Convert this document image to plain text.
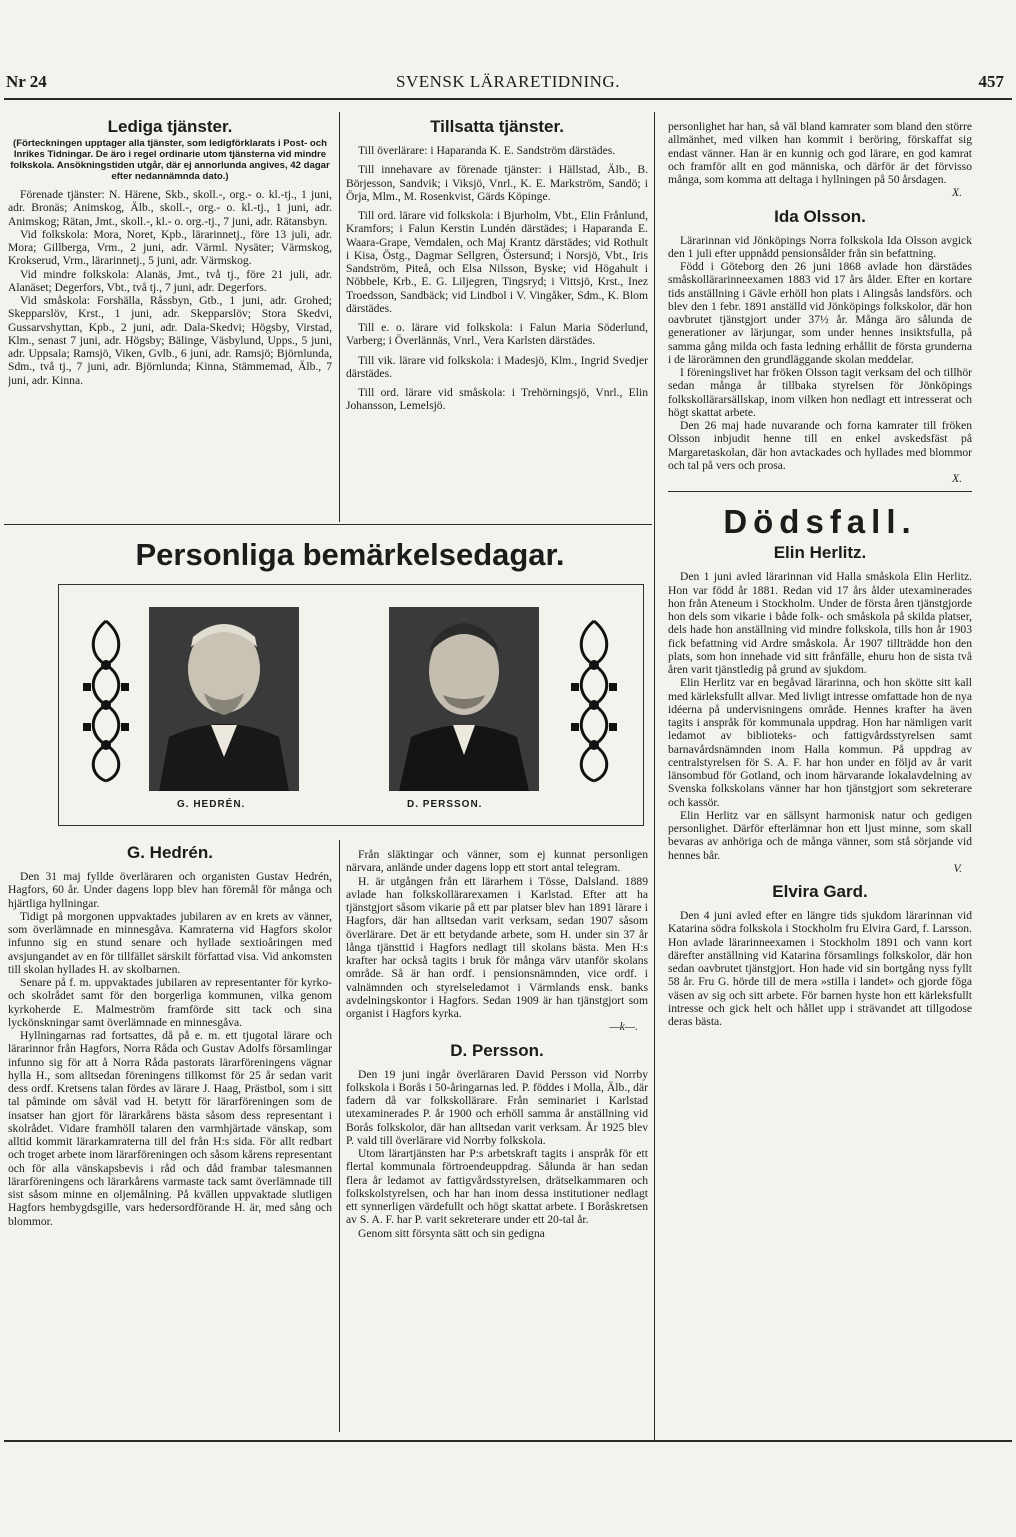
SVENSK LÄRARETIDNING.
Nr 24	457
Lediga tjänster.
(Förteckningen upptager alla tjänster, som ledigförklarats i Post- och Inrikes Tidningar. De äro i regel ordinarie utom tjänsterna vid mindre folkskola. Ansökningstiden utgår, där ej annorlunda angives, 42 dagar efter nedannämnda dato.)

Förenade tjänster: N. Härene, Skb., skoll.-, org.- o. kl.-tj., 1 juni, adr. Bronäs; Animskog, Älb., skoll.-, org.- o. kl.-tj., 1 juni, adr. Animskog; Rätan, Jmt., skoll.-, kl.- o. org.-tj., 7 juni, adr. Rätansbyn.

Vid folkskola: Mora, Noret, Kpb., lärarinnetj., före 13 juli, adr. Mora; Gillberga, Vrm., 2 juni, adr. Värml. Nysäter; Värmskog, Krokserud, Vrm., lärarinnetj., 5 juni, adr. Värmskog.

Vid mindre folkskola: Alanäs, Jmt., två tj., före 21 juli, adr. Alanäset; Degerfors, Vbt., två tj., 7 juni, adr. Degerfors.

Vid småskola: Forshälla, Råssbyn, Gtb., 1 juni, adr. Grohed; Skepparslöv, Krst., 1 juni, adr. Skepparslöv; Stora Skedvi, Gussarvshyttan, Kpb., 2 juni, adr. Dala-Skedvi; Högsby, Virstad, Klm., senast 7 juni, adr. Högsby; Bälinge, Väsbylund, Upps., 5 juni, adr. Uppsala; Ramsjö, Viken, Gvlb., 6 juni, adr. Ramsjö; Björnlunda, Sdm., två tj., 7 juni, adr. Björnlunda; Kinna, Stämmemad, Älb., 7 juni, adr. Kinna.

Tillsatta tjänster.

Till överlärare: i Haparanda K. E. Sandström därstädes.

Till innehavare av förenade tjänster: i Hällstad, Älb., B. Börjesson, Sandvik; i Viksjö, Vnrl., K. E. Markström, Sandö; i Örja, Mlm., M. Rosenkvist, Gärds Köpinge.

Till ord. lärare vid folkskola: i Bjurholm, Vbt., Elin Frånlund, Kramfors; i Falun Kerstin Lundén därstädes; i Haparanda E. Waara-Grape, Vemdalen, och Maj Krantz därstädes; vid Rothult i Kisa, Östg., Dagmar Sellgren, Östersund; i Norsjö, Vbt., Iris Sandström, Piteå, och Elsa Nilsson, Byske; vid Högahult i Nöbbele, Krb., E. G. Liljegren, Tingsryd; i Vittsjö, Krst., Inez Troedsson, Sandbäck; vid Lindbol i V. Vingåker, Sdm., K. Blom därstädes.

Till e. o. lärare vid folkskola: i Falun Maria Söderlund, Varberg; i Överlännäs, Vnrl., Vera Karlsten därstädes.

Till vik. lärare vid folkskola: i Madesjö, Klm., Ingrid Svedjer därstädes.

Till ord. lärare vid småskola: i Trehörningsjö, Vnrl., Elin Johansson, Lemelsjö.

Personliga bemärkelsedagar.
G. HEDRÉN.	D. PERSSON.
G. Hedrén.

Den 31 maj fyllde överläraren och organisten Gustav Hedrén, Hagfors, 60 år. Under dagens lopp blev han föremål för många och hjärtliga hyllningar.

Tidigt på morgonen uppvaktades jubilaren av en krets av vänner, som överlämnade en minnesgåva. Kamraterna vid Hagfors skolor infunno sig en stund senare och hyllade sextioåringen med avsjungandet av en för tillfället särskilt författad visa. Vid ankomsten till skolan hyllades H. av skolbarnen.

Senare på f. m. uppvaktades jubilaren av representanter för kyrko- och skolrådet samt för den borgerliga kommunen, vilka genom kyrkoherde E. Malmeström framförde sitt tack och sina lyckönskningar samt överlämnade en minnesgåva.

Hyllningarnas rad fortsattes, då på e. m. ett tjugotal lärare och lärarinnor från Hagfors, Norra Råda och Gustav Adolfs församlingar infunno sig för att å Norra Råda pastorats lärarföreningens vägnar hylla H., som alltsedan föreningens tillkomst för 25 år sedan varit dess ordf. Kretsens talan fördes av lärare J. Haag, Prästbol, som i sitt tal påminde om såväl vad H. betytt för lärarföreningen som de insatser han gjort för lärarkårens bästa såsom dess representant i skolrådet. Vidare framhöll talaren den varmhjärtade vänskap, som alltid kommit lärarkamraterna till del från H:s sida. För allt redbart och troget arbete inom lärarföreningen och såsom kårens representant och för alla vänskapsbevis i råd och dåd frambar talesmannen lärarföreningens och lärarkårens varmaste tack samt överlämnade till sist såsom minne en oljemålning. På kvällen uppvaktade slutligen Hagfors hembygdsgille, vars hedersordförande H. är, med sång och blommor.

Från släktingar och vänner, som ej kunnat personligen närvara, anlände under dagens lopp ett stort antal telegram.

H. är utgången från ett lärarhem i Tösse, Dalsland. 1889 avlade han folkskollärarexamen i Karlstad. Efter att ha tjänstgjort såsom vikarie på ett par platser blev han 1891 lärare i Hagfors, där han alltsedan varit verksam, sedan 1907 såsom överlärare. Det är ett betydande arbete, som H. under sin 37 år långa tjänsttid i Hagfors nedlagt till skolans bästa. Men H:s krafter har också tagits i bruk för många värv utanför skolans område. Så är han ordf. i pensionsnämnden, vice ordf. i valnämnden och styrelseledamot i Värmlands ensk. banks avdelningskontor i Hagfors. Sedan 1909 är han tjänstgjort som organist i Hagfors kyrka.

—k—.

D. Persson.

Den 19 juni ingår överläraren David Persson vid Norrby folkskola i Borås i 50-åringarnas led. P. föddes i Molla, Älb., där fadern då var folkskollärare. Från seminariet i Karlstad utexaminerades P. år 1900 och erhöll samma år anställning vid Borås folkskolor, där han alltsedan varit verksam. År 1925 blev P. vald till överlärare vid Norrby folkskola.

Utom lärartjänsten har P:s arbetskraft tagits i anspråk för ett flertal kommunala förtroendeuppdrag. Sålunda är han sedan flera år ledamot av fattigvårdsstyrelsen, drätselkammaren och folkskolstyrelsen, och har han inom dessa institutioner nedlagt ett synnerligen värdefullt och högt skattat arbete. I Boråskretsen av S. A. F. har P. varit sekreterare under ett 20-tal år.

Genom sitt försynta sätt och sin gedigna

personlighet har han, så väl bland kamrater som bland den större allmänhet, med vilken han kommit i beröring, förskaffat sig endast vänner. Han är en kunnig och god lärare, en god kamrat och framför allt en god människa, och därför är det förvisso många, som komma att deltaga i hyllningen på 50 årsdagen.

X.

Ida Olsson.

Lärarinnan vid Jönköpings Norra folkskola Ida Olsson avgick den 1 juli efter uppnådd pensionsålder från sin befattning.

Född i Göteborg den 26 juni 1868 avlade hon därstädes småskollärarinneexamen 1883 vid 17 års ålder. Efter en kortare tids anställning i Gävle erhöll hon plats i Alingsås landsförs. och blev den 1 febr. 1891 anställd vid Jönköpings folkskolor, där hon oavbrutet tjänstgjort under 37½ år. Många äro sålunda de generationer av lärjungar, som under hennes insiktsfulla, på samma gång milda och fasta ledning erhållit de första grunderna i de lärorämnen den grundläggande skolan meddelar.

I föreningslivet har fröken Olsson tagit verksam del och tillhör sedan många år tillbaka styrelsen för Jönköpings folkskollärarsällskap, inom vilken hon nedlagt ett intresserat och högt skattat arbete.

Den 26 maj hade nuvarande och forna kamrater till fröken Olsson inbjudit henne till en enkel avskedsfäst på Margaretaskolan, där hon avtackades och hyllades med blommor och tal på vers och prosa.

X.

Dödsfall.
Elin Herlitz.

Den 1 juni avled lärarinnan vid Halla småskola Elin Herlitz. Hon var född år 1881. Redan vid 17 års ålder utexaminerades hon från Ateneum i Stockholm. Under de första åren tjänstgjorde hon dels som vikarie i både folk- och småskola på skilda platser, dels hade hon anställning vid mindre folkskola, tills hon år 1903 fick befattning vid Ardre småskola. År 1907 tillträdde hon den plats, som hon innehade vid sitt frånfälle, ehuru hon de sista två åren varit tjänstledig på grund av sjukdom.

Elin Herlitz var en begåvad lärarinna, och hon skötte sitt kall med kärleksfullt allvar. Med livligt intresse omfattade hon de nya idéerna på undervisningens område. Hennes krafter ha även tagits i anspråk för kommunala uppdrag. Hon har nämligen varit ledamot av biblioteks- och fattigvårdsstyrelsen samt barnavårdsnämnden inom Halla kommun. På uppdrag av centralstyrelsen för S. A. F. har hon under en följd av år varit länsombud för Gotland, och inom härvarande lokalavdelning av Svenska folkskolans vänner har hon tjänstgjort som sekreterare och kassör.

Elin Herlitz var en sällsynt harmonisk natur och gedigen personlighet. Därför efterlämnar hon ett ljust minne, som skall bevaras av anhöriga och de många vänner, som stå sörjande vid hennes bår.

V.

Elvira Gard.

Den 4 juni avled efter en längre tids sjukdom lärarinnan vid Katarina södra folkskola i Stockholm fru Elvira Gard, f. Larsson. Hon avlade lärarinneexamen i Stockholm 1891 och vann kort därefter anställning vid Katarina församlings folkskolor, där hon sedan oavbrutet tjänstgjort. Hon hade vid sin bortgång nyss fyllt 58 år. Fru G. hörde till de mera »stilla i landet» och gjorde föga väsen av sig och sitt arbete. För barnen hyste hon ett kärleksfullt intresse och gick helt och hållet upp i strävandet att tillgodose deras bästa.
